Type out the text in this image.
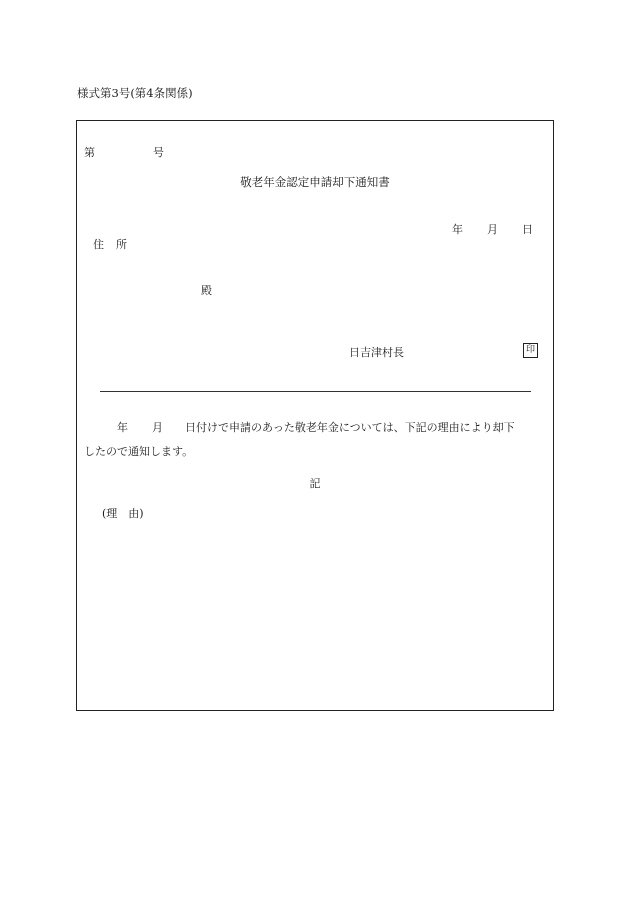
様式第3号(第4条関係)
第	号
敬老年金認定申請却下通知書
年 月 日
住 所
殿
日吉津村長	印
年 月 日付けで申請のあった敬老年金については、下記の理由により却下
したので通知します。
記
(理　由)
